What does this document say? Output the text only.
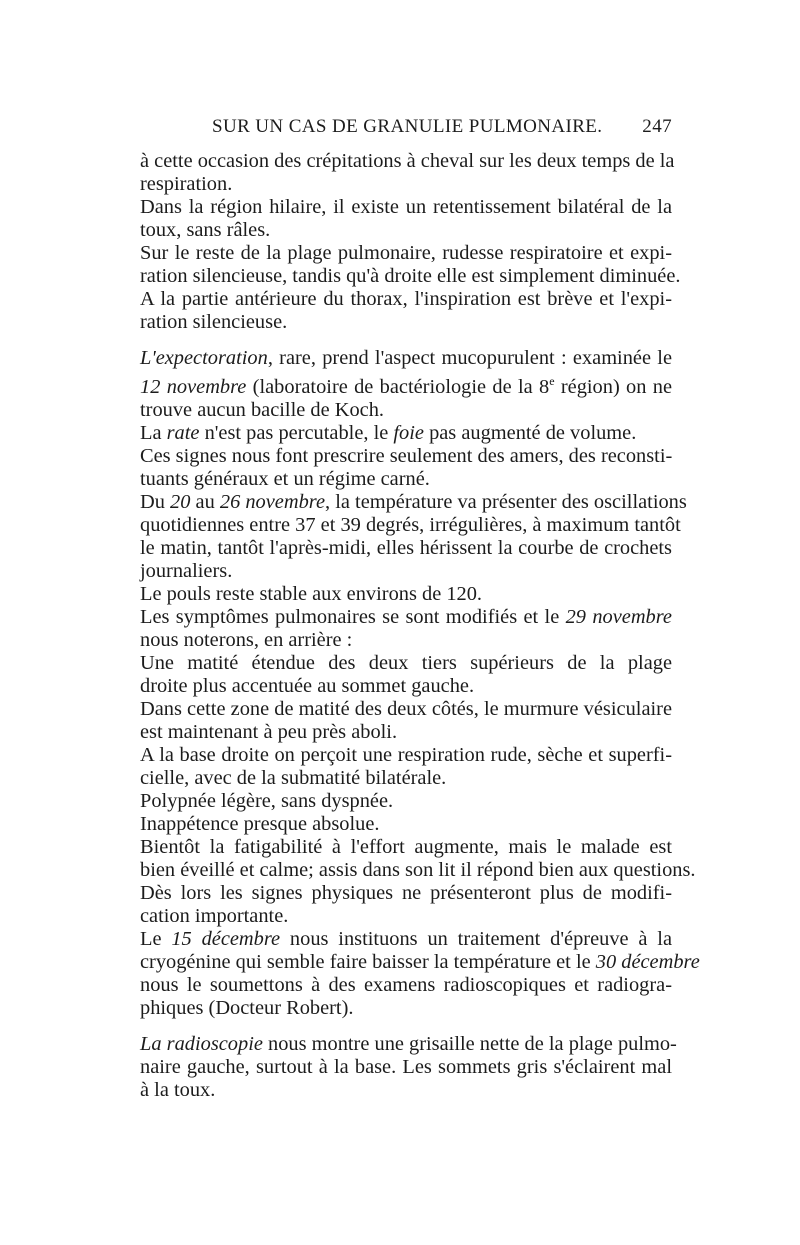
SUR UN CAS DE GRANULIE PULMONAIRE. 247

à cette occasion des crépitations à cheval sur les deux temps de la
respiration.

Dans la région hilaire, il existe un retentissement bilatéral de la
toux, sans râles.

Sur le reste de la plage pulmonaire, rudesse respiratoire et expi-
ration silencieuse, tandis qu'à droite elle est simplement diminuée.

A la partie antérieure du thorax, l'inspiration est brève et l'expi-
ration silencieuse.

L'expectoration, rare, prend l'aspect mucopurulent : examinée le
12 novembre (laboratoire de bactériologie de la 8e région) on ne
trouve aucun bacille de Koch.

La rate n'est pas percutable, le foie pas augmenté de volume.

Ces signes nous font prescrire seulement des amers, des reconsti-
tuants généraux et un régime carné.

Du 20 au 26 novembre, la température va présenter des oscillations
quotidiennes entre 37 et 39 degrés, irrégulières, à maximum tantôt
le matin, tantôt l'après-midi, elles hérissent la courbe de crochets
journaliers.

Le pouls reste stable aux environs de 120.

Les symptômes pulmonaires se sont modifiés et le 29 novembre
nous noterons, en arrière :

Une matité étendue des deux tiers supérieurs de la plage
droite plus accentuée au sommet gauche.

Dans cette zone de matité des deux côtés, le murmure vésiculaire
est maintenant à peu près aboli.

A la base droite on perçoit une respiration rude, sèche et superfi-
cielle, avec de la submatité bilatérale.

Polypnée légère, sans dyspnée.

Inappétence presque absolue.

Bientôt la fatigabilité à l'effort augmente, mais le malade est
bien éveillé et calme; assis dans son lit il répond bien aux questions.

Dès lors les signes physiques ne présenteront plus de modifi-
cation importante.

Le 15 décembre nous instituons un traitement d'épreuve à la
cryogénine qui semble faire baisser la température et le 30 décembre
nous le soumettons à des examens radioscopiques et radiogra-
phiques (Docteur Robert).

La radioscopie nous montre une grisaille nette de la plage pulmo-
naire gauche, surtout à la base. Les sommets gris s'éclairent mal
à la toux.
